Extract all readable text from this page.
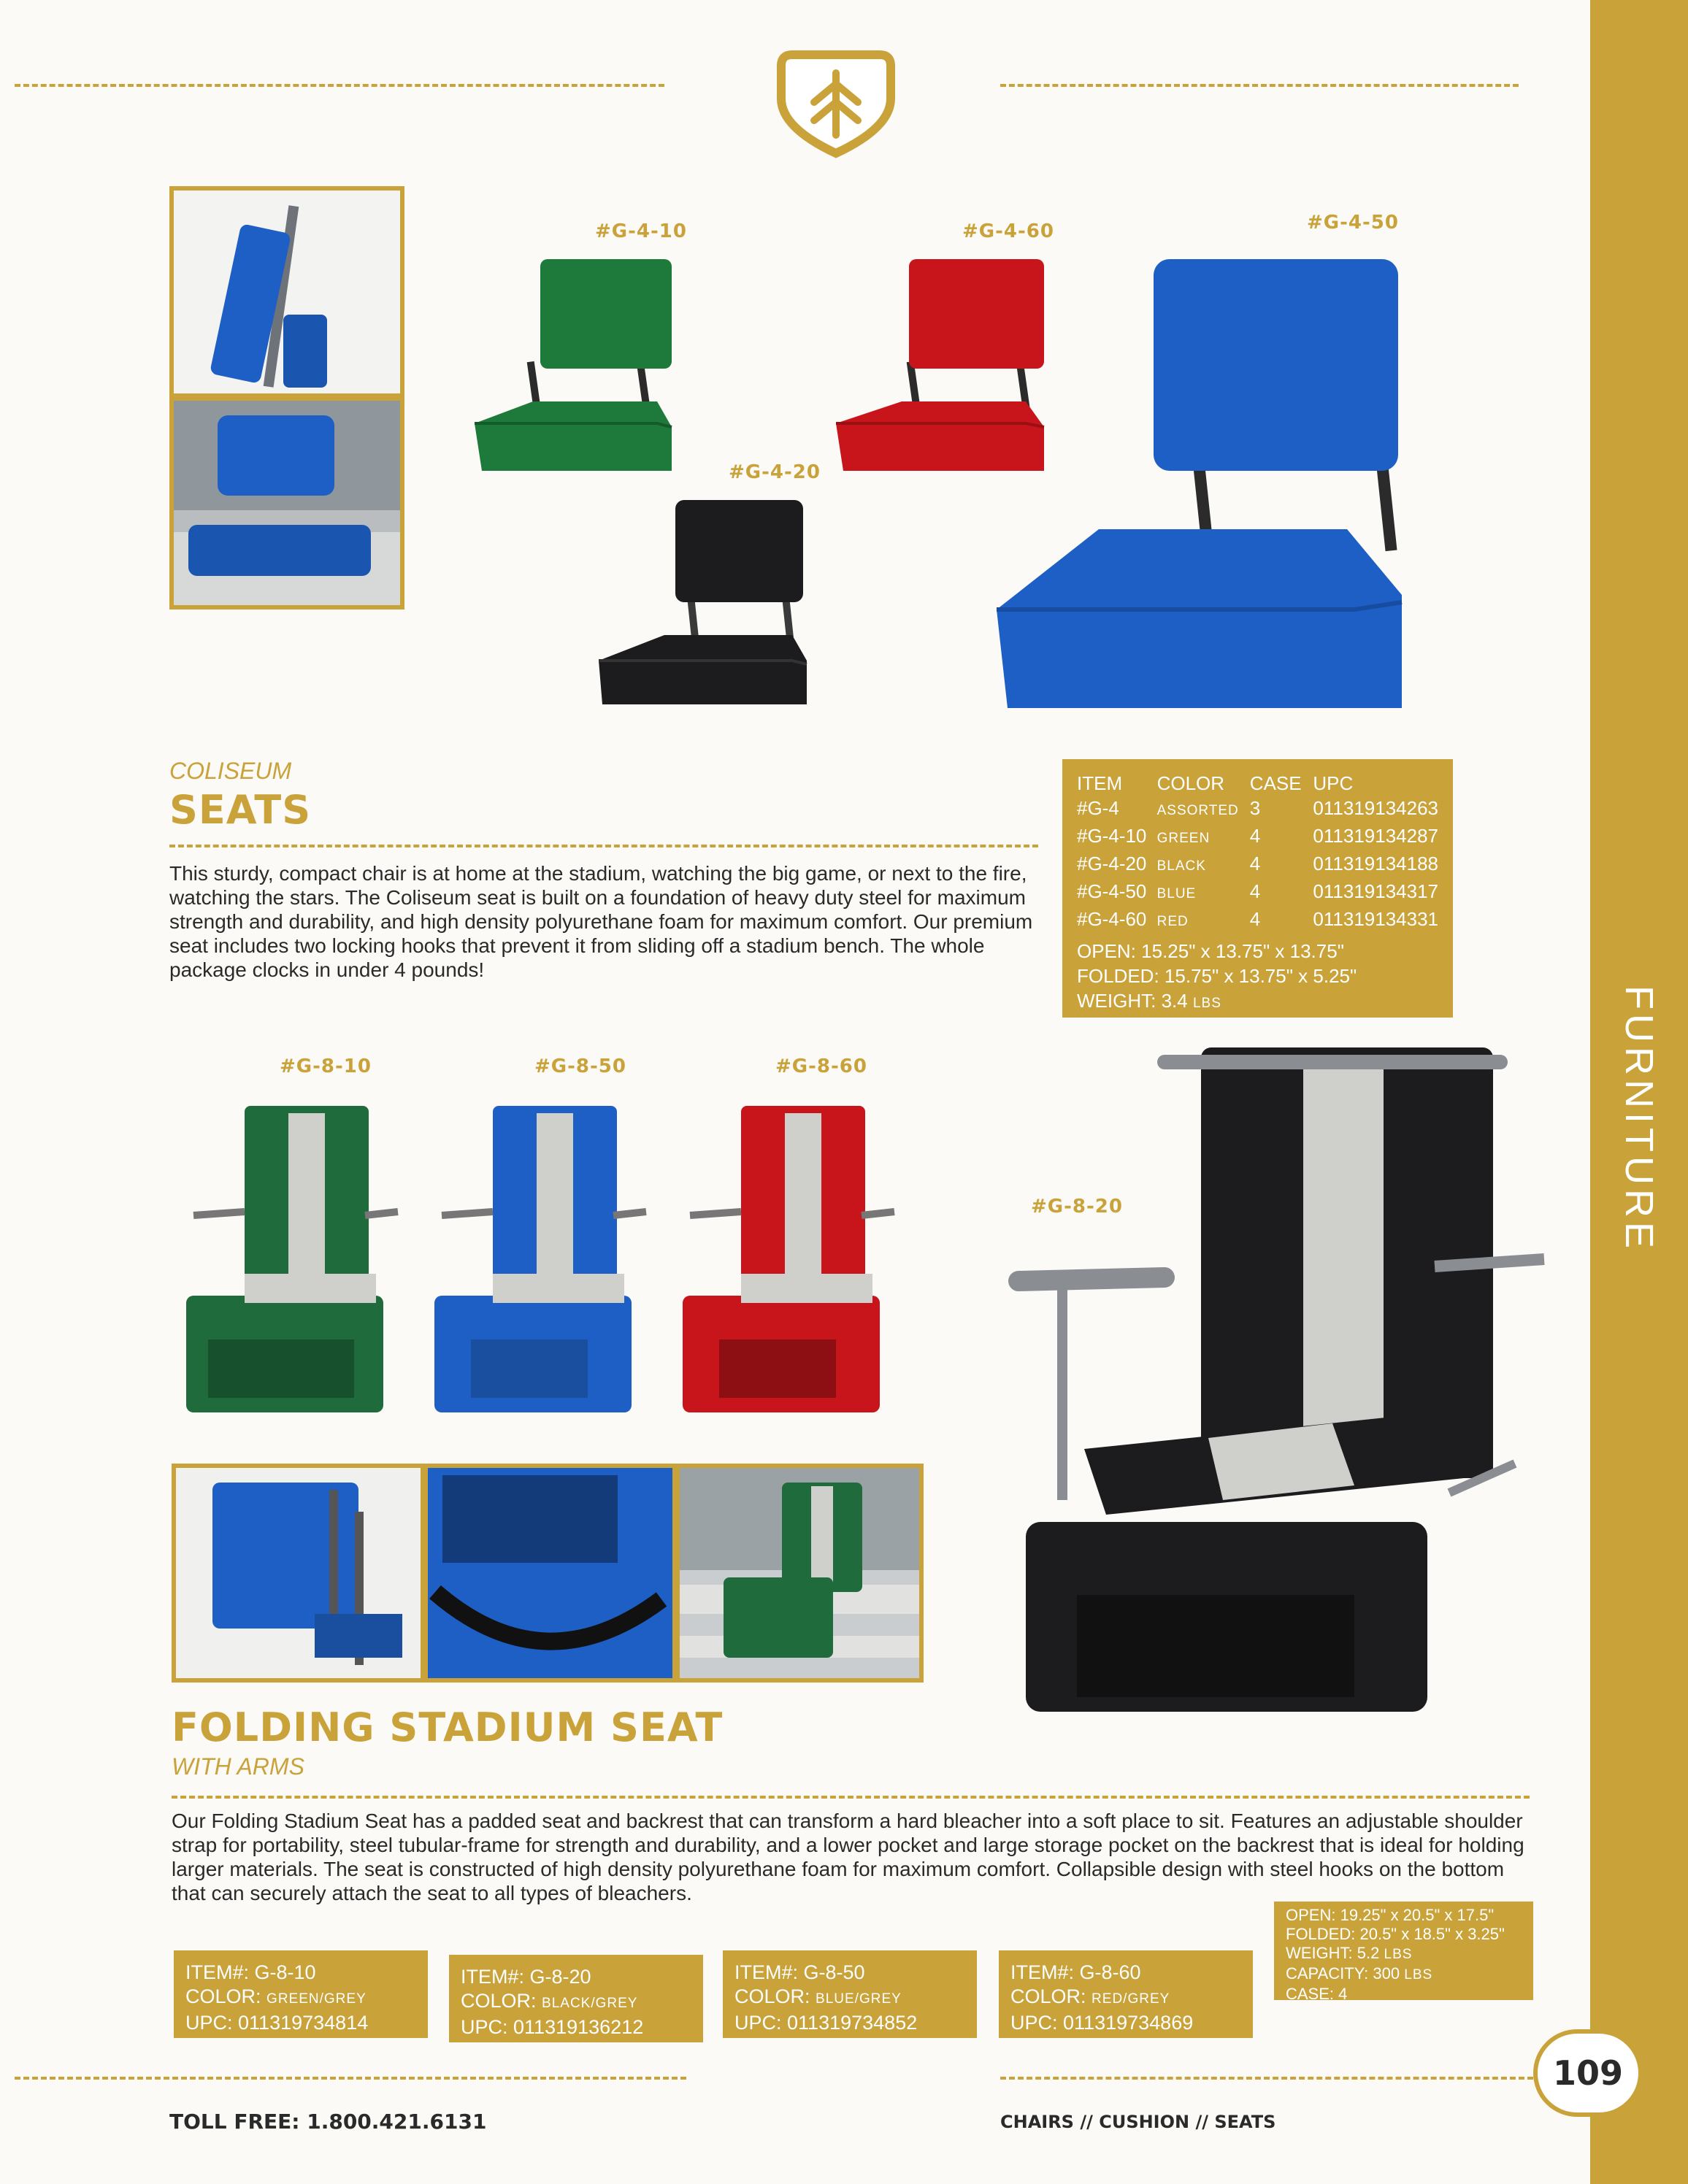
FURNITURE
#G-4-10	#G-4-60	#G-4-50
#G-4-20
COLISEUM
SEATS
This sturdy, compact chair is at home at the stadium, watching the big game, or next to the fire, watching the stars. The Coliseum seat is built on a foundation of heavy duty steel for maximum strength and durability, and high density polyurethane foam for maximum comfort. Our premium seat includes two locking hooks that prevent it from sliding off a stadium bench. The whole package clocks in under 4 pounds!
ITEM	COLOR	CASE	UPC
#G-4	ASSORTED	3	011319134263
#G-4-10	GREEN	4	011319134287
#G-4-20	BLACK	4	011319134188
#G-4-50	BLUE	4	011319134317
#G-4-60	RED	4	011319134331
OPEN: 15.25" x 13.75" x 13.75"
FOLDED: 15.75" x 13.75" x 5.25"
WEIGHT: 3.4 LBS
#G-8-10	#G-8-50	#G-8-60
#G-8-20
FOLDING STADIUM SEAT
WITH ARMS
Our Folding Stadium Seat has a padded seat and backrest that can transform a hard bleacher into a soft place to sit. Features an adjustable shoulder strap for portability, steel tubular-frame for strength and durability, and a lower pocket and large storage pocket on the backrest that is ideal for holding larger materials. The seat is constructed of high density polyurethane foam for maximum comfort. Collapsible design with steel hooks on the bottom that can securely attach the seat to all types of bleachers.
ITEM#: G-8-10
COLOR: GREEN/GREY
UPC: 011319734814
ITEM#: G-8-20
COLOR: BLACK/GREY
UPC: 011319136212
ITEM#: G-8-50
COLOR: BLUE/GREY
UPC: 011319734852
ITEM#: G-8-60
COLOR: RED/GREY
UPC: 011319734869
OPEN: 19.25" x 20.5" x 17.5"
FOLDED: 20.5" x 18.5" x 3.25"
WEIGHT: 5.2 LBS
CAPACITY: 300 LBS
CASE: 4
TOLL FREE: 1.800.421.6131	CHAIRS // CUSHION // SEATS
109
